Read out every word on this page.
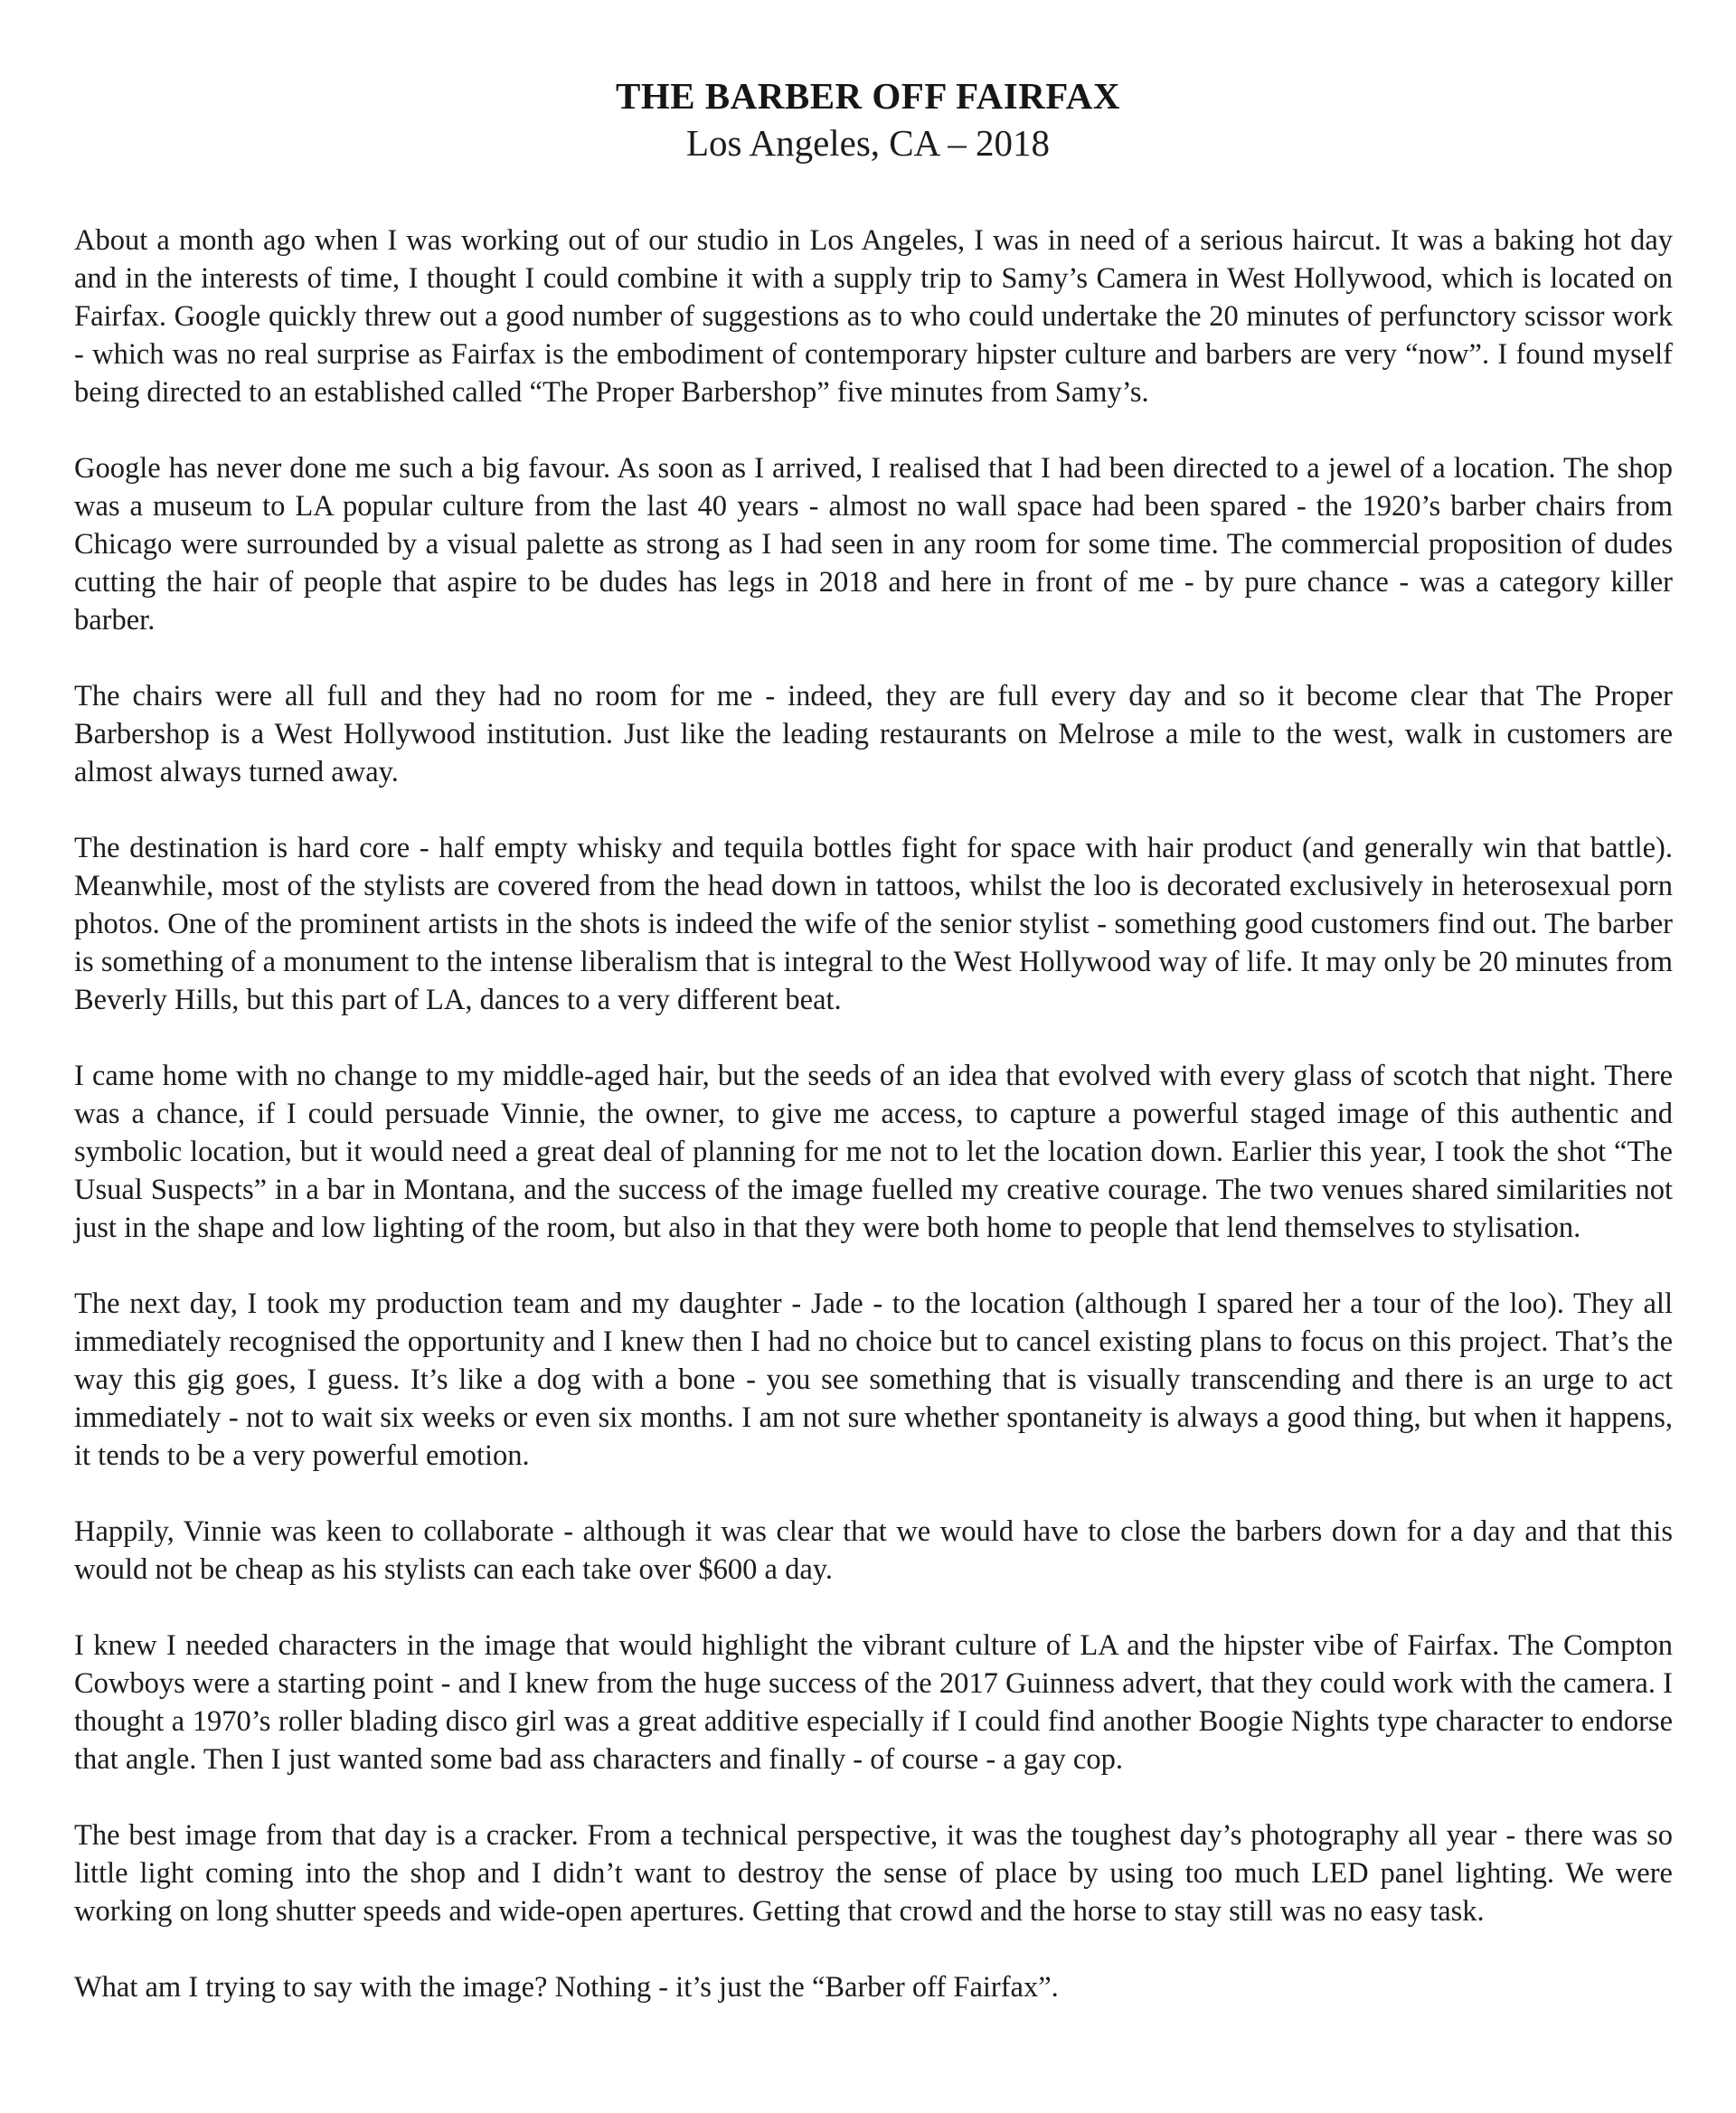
THE BARBER OFF FAIRFAX

Los Angeles, CA – 2018

About a month ago when I was working out of our studio in Los Angeles, I was in need of a serious haircut. It was a baking hot day and in the interests of time, I thought I could combine it with a supply trip to Samy’s Camera in West Hollywood, which is located on Fairfax. Google quickly threw out a good number of suggestions as to who could undertake the 20 minutes of perfunctory scissor work - which was no real surprise as Fairfax is the embodiment of contemporary hipster culture and barbers are very “now”. I found myself being directed to an established called “The Proper Barbershop” five minutes from Samy’s.

Google has never done me such a big favour. As soon as I arrived, I realised that I had been directed to a jewel of a location. The shop was a museum to LA popular culture from the last 40 years - almost no wall space had been spared - the 1920’s barber chairs from Chicago were surrounded by a visual palette as strong as I had seen in any room for some time. The commercial proposition of dudes cutting the hair of people that aspire to be dudes has legs in 2018 and here in front of me - by pure chance - was a category killer barber.

The chairs were all full and they had no room for me - indeed, they are full every day and so it become clear that The Proper Barbershop is a West Hollywood institution. Just like the leading restaurants on Melrose a mile to the west, walk in customers are almost always turned away.

The destination is hard core - half empty whisky and tequila bottles fight for space with hair product (and generally win that battle). Meanwhile, most of the stylists are covered from the head down in tattoos, whilst the loo is decorated exclusively in heterosexual porn photos. One of the prominent artists in the shots is indeed the wife of the senior stylist - something good customers find out. The barber is something of a monument to the intense liberalism that is integral to the West Hollywood way of life. It may only be 20 minutes from Beverly Hills, but this part of LA, dances to a very different beat.

I came home with no change to my middle-aged hair, but the seeds of an idea that evolved with every glass of scotch that night. There was a chance, if I could persuade Vinnie, the owner, to give me access, to capture a powerful staged image of this authentic and symbolic location, but it would need a great deal of planning for me not to let the location down. Earlier this year, I took the shot “The Usual Suspects” in a bar in Montana, and the success of the image fuelled my creative courage. The two venues shared similarities not just in the shape and low lighting of the room, but also in that they were both home to people that lend themselves to stylisation.

The next day, I took my production team and my daughter - Jade - to the location (although I spared her a tour of the loo). They all immediately recognised the opportunity and I knew then I had no choice but to cancel existing plans to focus on this project. That’s the way this gig goes, I guess. It’s like a dog with a bone - you see something that is visually transcending and there is an urge to act immediately - not to wait six weeks or even six months. I am not sure whether spontaneity is always a good thing, but when it happens, it tends to be a very powerful emotion.

Happily, Vinnie was keen to collaborate - although it was clear that we would have to close the barbers down for a day and that this would not be cheap as his stylists can each take over $600 a day.

I knew I needed characters in the image that would highlight the vibrant culture of LA and the hipster vibe of Fairfax. The Compton Cowboys were a starting point - and I knew from the huge success of the 2017 Guinness advert, that they could work with the camera. I thought a 1970’s roller blading disco girl was a great additive especially if I could find another Boogie Nights type character to endorse that angle. Then I just wanted some bad ass characters and finally - of course - a gay cop.

The best image from that day is a cracker. From a technical perspective, it was the toughest day’s photography all year - there was so little light coming into the shop and I didn’t want to destroy the sense of place by using too much LED panel lighting. We were working on long shutter speeds and wide-open apertures. Getting that crowd and the horse to stay still was no easy task.

What am I trying to say with the image? Nothing - it’s just the “Barber off Fairfax”.
